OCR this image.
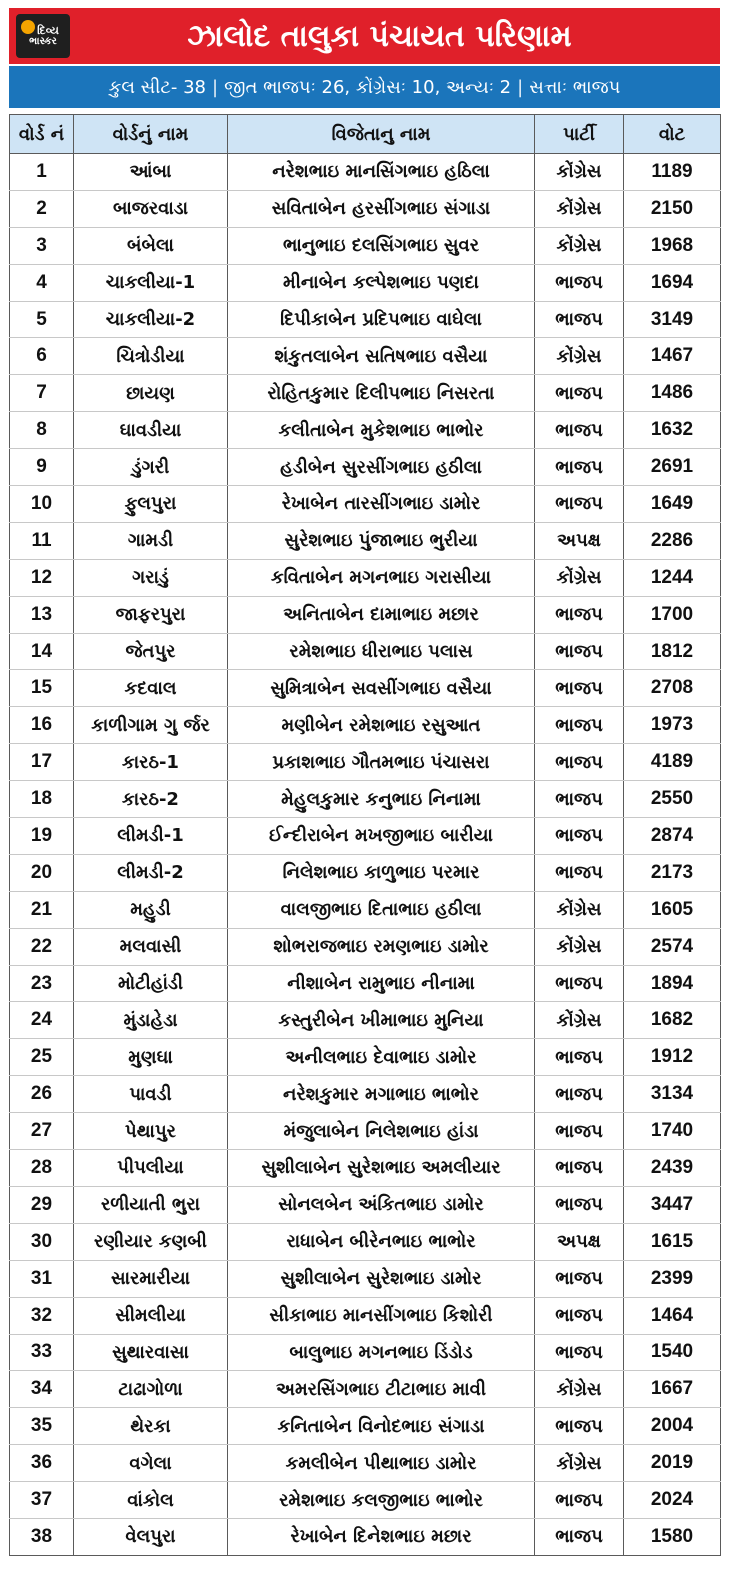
દિવ્ય
ભાસ્કર	ઝાલોદ તાલુકા પંચાયત પરિણામ
કુલ સીટ- 38 | જીત ભાજપઃ 26, કોંગ્રેસઃ 10, અન્યઃ 2 | સત્તાઃ ભાજપ
વોર્ડ નં	વોર્ડનું નામ	વિજેતાનુ નામ	પાર્ટી	વોટ
1	આંબા	નરેશભાઇ માનસિંગભાઇ હઠિલા	કોંગ્રેસ	1189
2	બાજરવાડા	સવિતાબેન હરસીંગભાઇ સંગાડા	કોંગ્રેસ	2150
3	બંબેલા	ભાનુભાઇ દલસિંગભાઇ સુવર	કોંગ્રેસ	1968
4	ચાકલીયા-1	મીનાબેન કલ્પેશભાઇ પણદા	ભાજપ	1694
5	ચાકલીયા-2	દિપીકાબેન પ્રદિપભાઇ વાઘેલા	ભાજપ	3149
6	ચિત્રોડીયા	શંકુતલાબેન સતિષભાઇ વસૈયા	કોંગ્રેસ	1467
7	છાયણ	રોહિતકુમાર દિલીપભાઇ નિસરતા	ભાજપ	1486
8	ઘાવડીયા	કલીતાબેન મુકેશભાઇ ભાભોર	ભાજપ	1632
9	ડુંગરી	હડીબેન સુરસીંગભાઇ હઠીલા	ભાજપ	2691
10	ફુલપુરા	રેખાબેન તારસીંગભાઇ ડામોર	ભાજપ	1649
11	ગામડી	સુરેશભાઇ પુંજાભાઇ ભુરીયા	અપક્ષ	2286
12	ગરાડું	કવિતાબેન મગનભાઇ ગરાસીયા	કોંગ્રેસ	1244
13	જાફરપુરા	અનિતાબેન દામાભાઇ મછાર	ભાજપ	1700
14	જેતપુર	રમેશભાઇ ધીરાભાઇ પલાસ	ભાજપ	1812
15	કદવાલ	સુમિત્રાબેન સવસીંગભાઇ વસૈયા	ભાજપ	2708
16	કાળીગામ ગુ ર્જર	મણીબેન રમેશભાઇ રસુઆત	ભાજપ	1973
17	કારઠ-1	પ્રકાશભાઇ ગૌતમભાઇ પંચાસરા	ભાજપ	4189
18	કારઠ-2	મેહુલકુમાર કનુભાઇ નિનામા	ભાજપ	2550
19	લીમડી-1	ઈન્દીરાબેન મખજીભાઇ બારીયા	ભાજપ	2874
20	લીમડી-2	નિલેશભાઇ કાળુભાઇ પરમાર	ભાજપ	2173
21	મહુડી	વાલજીભાઇ દિતાભાઇ હઠીલા	કોંગ્રેસ	1605
22	મલવાસી	શોભરાજભાઇ રમણભાઇ ડામોર	કોંગ્રેસ	2574
23	મોટીહાંડી	નીશાબેન રામુભાઇ નીનામા	ભાજપ	1894
24	મુંડાહેડા	કસ્તુરીબેન ખીમાભાઇ મુનિયા	કોંગ્રેસ	1682
25	મુણઘા	અનીલભાઇ દેવાભાઇ ડામોર	ભાજપ	1912
26	પાવડી	નરેશકુમાર મગાભાઇ ભાભોર	ભાજપ	3134
27	પેથાપુર	મંજુલાબેન નિલેશભાઇ હાંડા	ભાજપ	1740
28	પીપલીયા	સુશીલાબેન સુરેશભાઇ અમલીયાર	ભાજપ	2439
29	રળીયાતી ભુરા	સોનલબેન અંકિતભાઇ ડામોર	ભાજપ	3447
30	રણીયાર કણબી	રાધાબેન બીરેનભાઇ ભાભોર	અપક્ષ	1615
31	સારમારીયા	સુશીલાબેન સુરેશભાઇ ડામોર	ભાજપ	2399
32	સીમલીયા	સીકાભાઇ માનસીંગભાઇ કિશોરી	ભાજપ	1464
33	સુથારવાસા	બાલુભાઇ મગનભાઇ ડિંડોડ	ભાજપ	1540
34	ટાઢાગોળા	અમરસિંગભાઇ ટીટાભાઇ માવી	કોંગ્રેસ	1667
35	થેરકા	કનિતાબેન વિનોદભાઇ સંગાડા	ભાજપ	2004
36	વગેલા	કમલીબેન પીથાભાઇ ડામોર	કોંગ્રેસ	2019
37	વાંકોલ	રમેશભાઇ કલજીભાઇ ભાભોર	ભાજપ	2024
38	વેલપુરા	રેખાબેન દિનેશભાઇ મછાર	ભાજપ	1580
